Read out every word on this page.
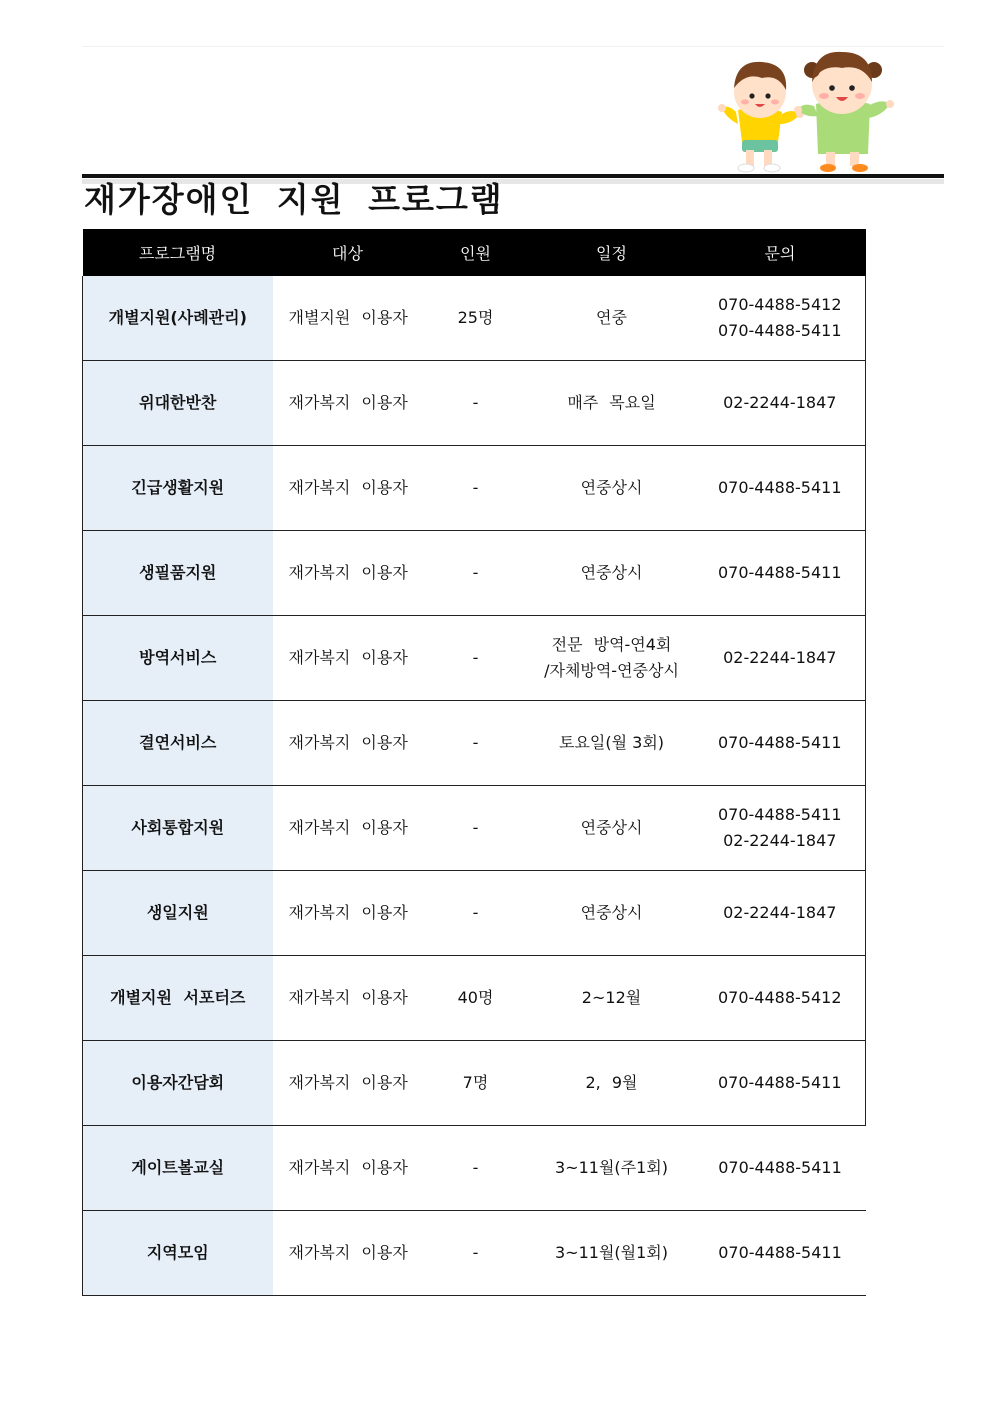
재가장애인 지원 프로그램
프로그램명	대상	인원	일정	문의
개별지원(사례관리)	개별지원 이용자	25명	연중	070-4488-5412
070-4488-5411

위대한반찬	재가복지 이용자	-	매주 목요일	02-2244-1847

긴급생활지원	재가복지 이용자	-	연중상시	070-4488-5411

생필품지원	재가복지 이용자	-	연중상시	070-4488-5411

방역서비스	재가복지 이용자	-	전문 방역-연4회
/자체방역-연중상시	02-2244-1847

결연서비스	재가복지 이용자	-	토요일(월 3회)	070-4488-5411

사회통합지원	재가복지 이용자	-	연중상시	070-4488-5411
02-2244-1847

생일지원	재가복지 이용자	-	연중상시	02-2244-1847

개별지원 서포터즈	재가복지 이용자	40명	2~12월	070-4488-5412

이용자간담회	재가복지 이용자	7명	2, 9월	070-4488-5411

게이트볼교실	재가복지 이용자	-	3~11월(주1회)	070-4488-5411

지역모임	재가복지 이용자	-	3~11월(월1회)	070-4488-5411
